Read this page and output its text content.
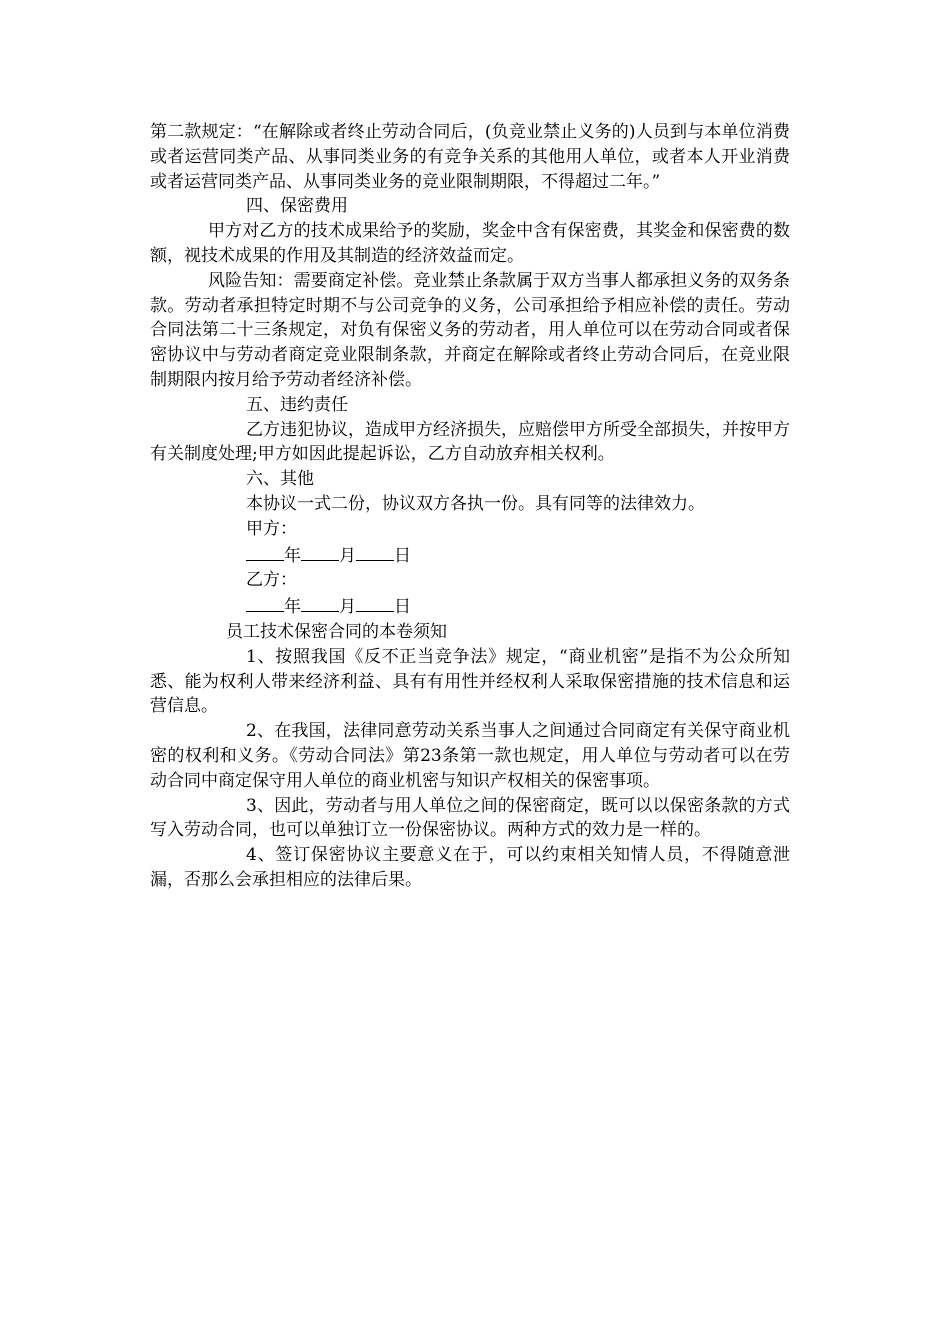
第二款规定：“在解除或者终止劳动合同后，(负竞业禁止义务的)人员到与本单位消费或者运营同类产品、从事同类业务的有竞争关系的其他用人单位，或者本人开业消费或者运营同类产品、从事同类业务的竞业限制期限，不得超过二年。”

四、保密费用

甲方对乙方的技术成果给予的奖励，奖金中含有保密费，其奖金和保密费的数额，视技术成果的作用及其制造的经济效益而定。

风险告知：需要商定补偿。竞业禁止条款属于双方当事人都承担义务的双务条款。劳动者承担特定时期不与公司竞争的义务，公司承担给予相应补偿的责任。劳动合同法第二十三条规定，对负有保密义务的劳动者，用人单位可以在劳动合同或者保密协议中与劳动者商定竞业限制条款，并商定在解除或者终止劳动合同后，在竞业限制期限内按月给予劳动者经济补偿。

五、违约责任

乙方违犯协议，造成甲方经济损失，应赔偿甲方所受全部损失，并按甲方有关制度处理;甲方如因此提起诉讼，乙方自动放弃相关权利。

六、其他

本协议一式二份，协议双方各执一份。具有同等的法律效力。

甲方：

年 月 日

乙方：

年 月 日

员工技术保密合同的本卷须知

1、按照我国《反不正当竞争法》规定，“商业机密”是指不为公众所知悉、能为权利人带来经济利益、具有有用性并经权利人采取保密措施的技术信息和运营信息。

2、在我国，法律同意劳动关系当事人之间通过合同商定有关保守商业机密的权利和义务。《劳动合同法》第23条第一款也规定，用人单位与劳动者可以在劳动合同中商定保守用人单位的商业机密与知识产权相关的保密事项。

3、因此，劳动者与用人单位之间的保密商定，既可以以保密条款的方式写入劳动合同，也可以单独订立一份保密协议。两种方式的效力是一样的。

4、签订保密协议主要意义在于，可以约束相关知情人员，不得随意泄漏，否那么会承担相应的法律后果。
